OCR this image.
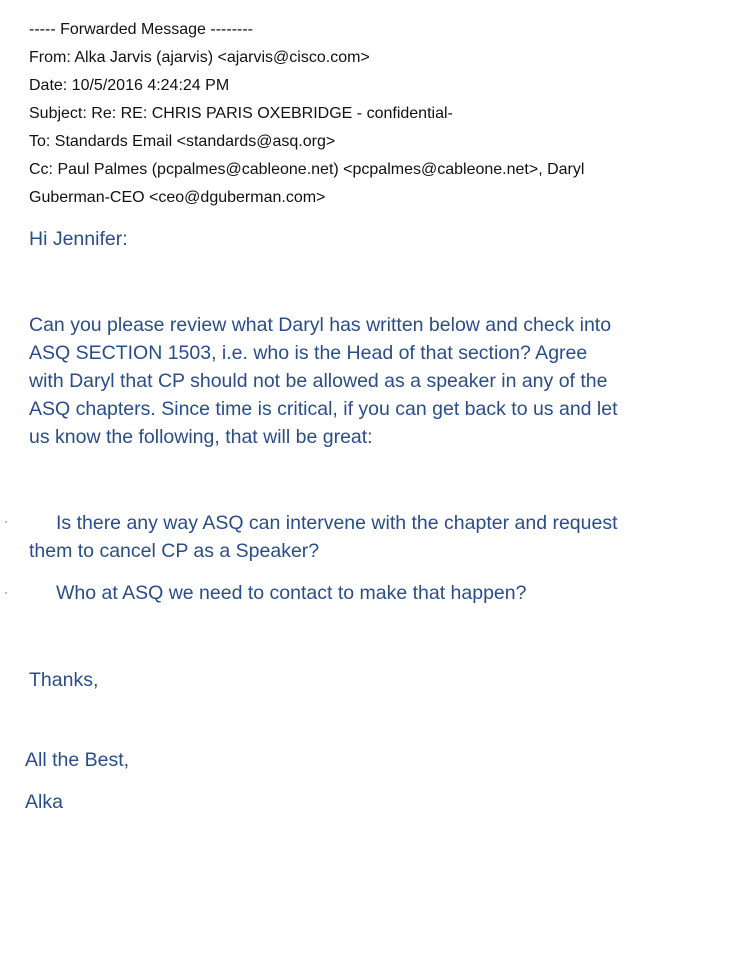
----- Forwarded Message --------
From: Alka Jarvis (ajarvis) <ajarvis@cisco.com>
Date: 10/5/2016 4:24:24 PM
Subject: Re: RE: CHRIS PARIS OXEBRIDGE - confidential-
To: Standards Email <standards@asq.org>
Cc: Paul Palmes (pcpalmes@cableone.net) <pcpalmes@cableone.net>, Daryl
Guberman-CEO <ceo@dguberman.com>
Hi Jennifer:
Can you please review what Daryl has written below and check into
ASQ SECTION 1503, i.e. who is the Head of that section? Agree
with Daryl that CP should not be allowed as a speaker in any of the
ASQ chapters. Since time is critical, if you can get back to us and let
us know the following, that will be great:
· Is there any way ASQ can intervene with the chapter and request
them to cancel CP as a Speaker?
· Who at ASQ we need to contact to make that happen?
Thanks,
All the Best,
Alka
